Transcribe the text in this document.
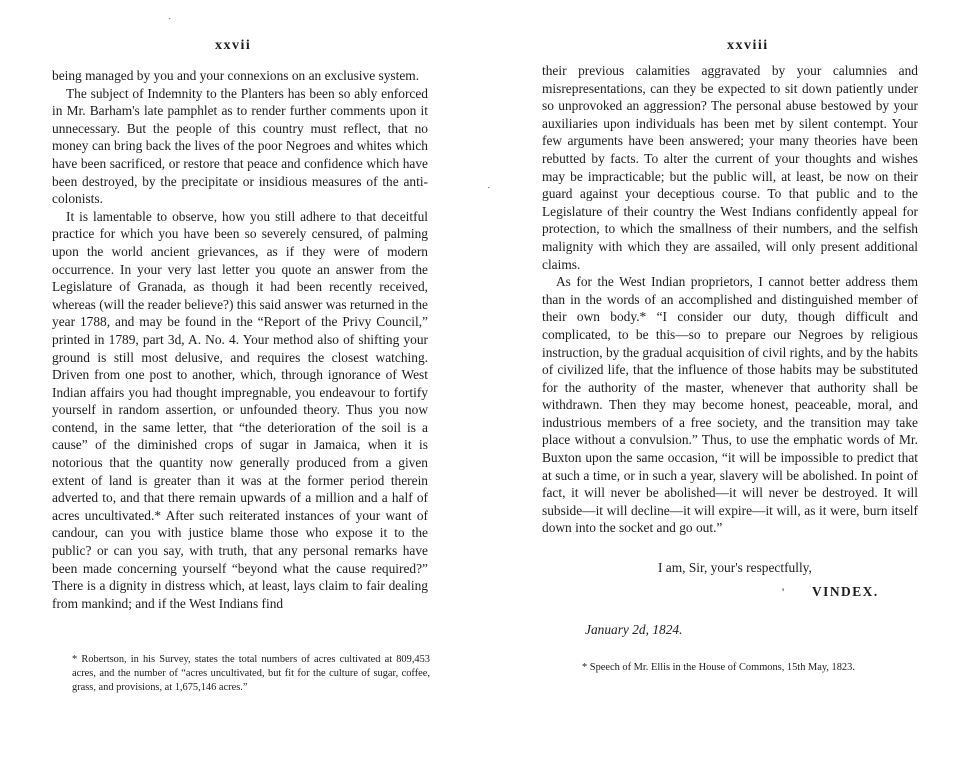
xxvii

being managed by you and your connexions on an exclusive system.

The subject of Indemnity to the Planters has been so ably enforced in Mr. Barham's late pamphlet as to render further comments upon it unnecessary. But the people of this country must reflect, that no money can bring back the lives of the poor Negroes and whites which have been sacrificed, or restore that peace and confidence which have been destroyed, by the precipitate or insidious measures of the anti-colonists.

It is lamentable to observe, how you still adhere to that deceitful practice for which you have been so severely censured, of palming upon the world ancient grievances, as if they were of modern occurrence. In your very last letter you quote an answer from the Legislature of Granada, as though it had been recently received, whereas (will the reader believe?) this said answer was returned in the year 1788, and may be found in the “Report of the Privy Council,” printed in 1789, part 3d, A. No. 4. Your method also of shifting your ground is still most delusive, and requires the closest watching. Driven from one post to another, which, through ignorance of West Indian affairs you had thought impregnable, you endeavour to fortify yourself in random assertion, or unfounded theory. Thus you now contend, in the same letter, that “the deterioration of the soil is a cause” of the diminished crops of sugar in Jamaica, when it is notorious that the quantity now generally produced from a given extent of land is greater than it was at the former period therein adverted to, and that there remain upwards of a million and a half of acres uncultivated.* After such reiterated instances of your want of candour, can you with justice blame those who expose it to the public? or can you say, with truth, that any personal remarks have been made concerning yourself “beyond what the cause required?” There is a dignity in distress which, at least, lays claim to fair dealing from mankind; and if the West Indians find

* Robertson, in his Survey, states the total numbers of acres cultivated at 809,453 acres, and the number of “acres uncultivated, but fit for the culture of sugar, coffee, grass, and provisions, at 1,675,146 acres.”
⋅
⋅
xxviii

their previous calamities aggravated by your calumnies and misrepresentations, can they be expected to sit down patiently under so unprovoked an aggression? The personal abuse bestowed by your auxiliaries upon individuals has been met by silent contempt. Your few arguments have been answered; your many theories have been rebutted by facts. To alter the current of your thoughts and wishes may be impracticable; but the public will, at least, be now on their guard against your deceptious course. To that public and to the Legislature of their country the West Indians confidently appeal for protection, to which the smallness of their numbers, and the selfish malignity with which they are assailed, will only present additional claims.

As for the West Indian proprietors, I cannot better address them than in the words of an accomplished and distinguished member of their own body.* “I consider our duty, though difficult and complicated, to be this—so to prepare our Negroes by religious instruction, by the gradual acquisition of civil rights, and by the habits of civilized life, that the influence of those habits may be substituted for the authority of the master, whenever that authority shall be withdrawn. Then they may become honest, peaceable, moral, and industrious members of a free society, and the transition may take place without a convulsion.” Thus, to use the emphatic words of Mr. Buxton upon the same occasion, “it will be impossible to predict that at such a time, or in such a year, slavery will be abolished. In point of fact, it will never be abolished—it will never be destroyed. It will subside—it will decline—it will expire—it will, as it were, burn itself down into the socket and go out.”

I am, Sir, your's respectfully,
' VINDEX.
January 2d, 1824.
* Speech of Mr. Ellis in the House of Commons, 15th May, 1823.
